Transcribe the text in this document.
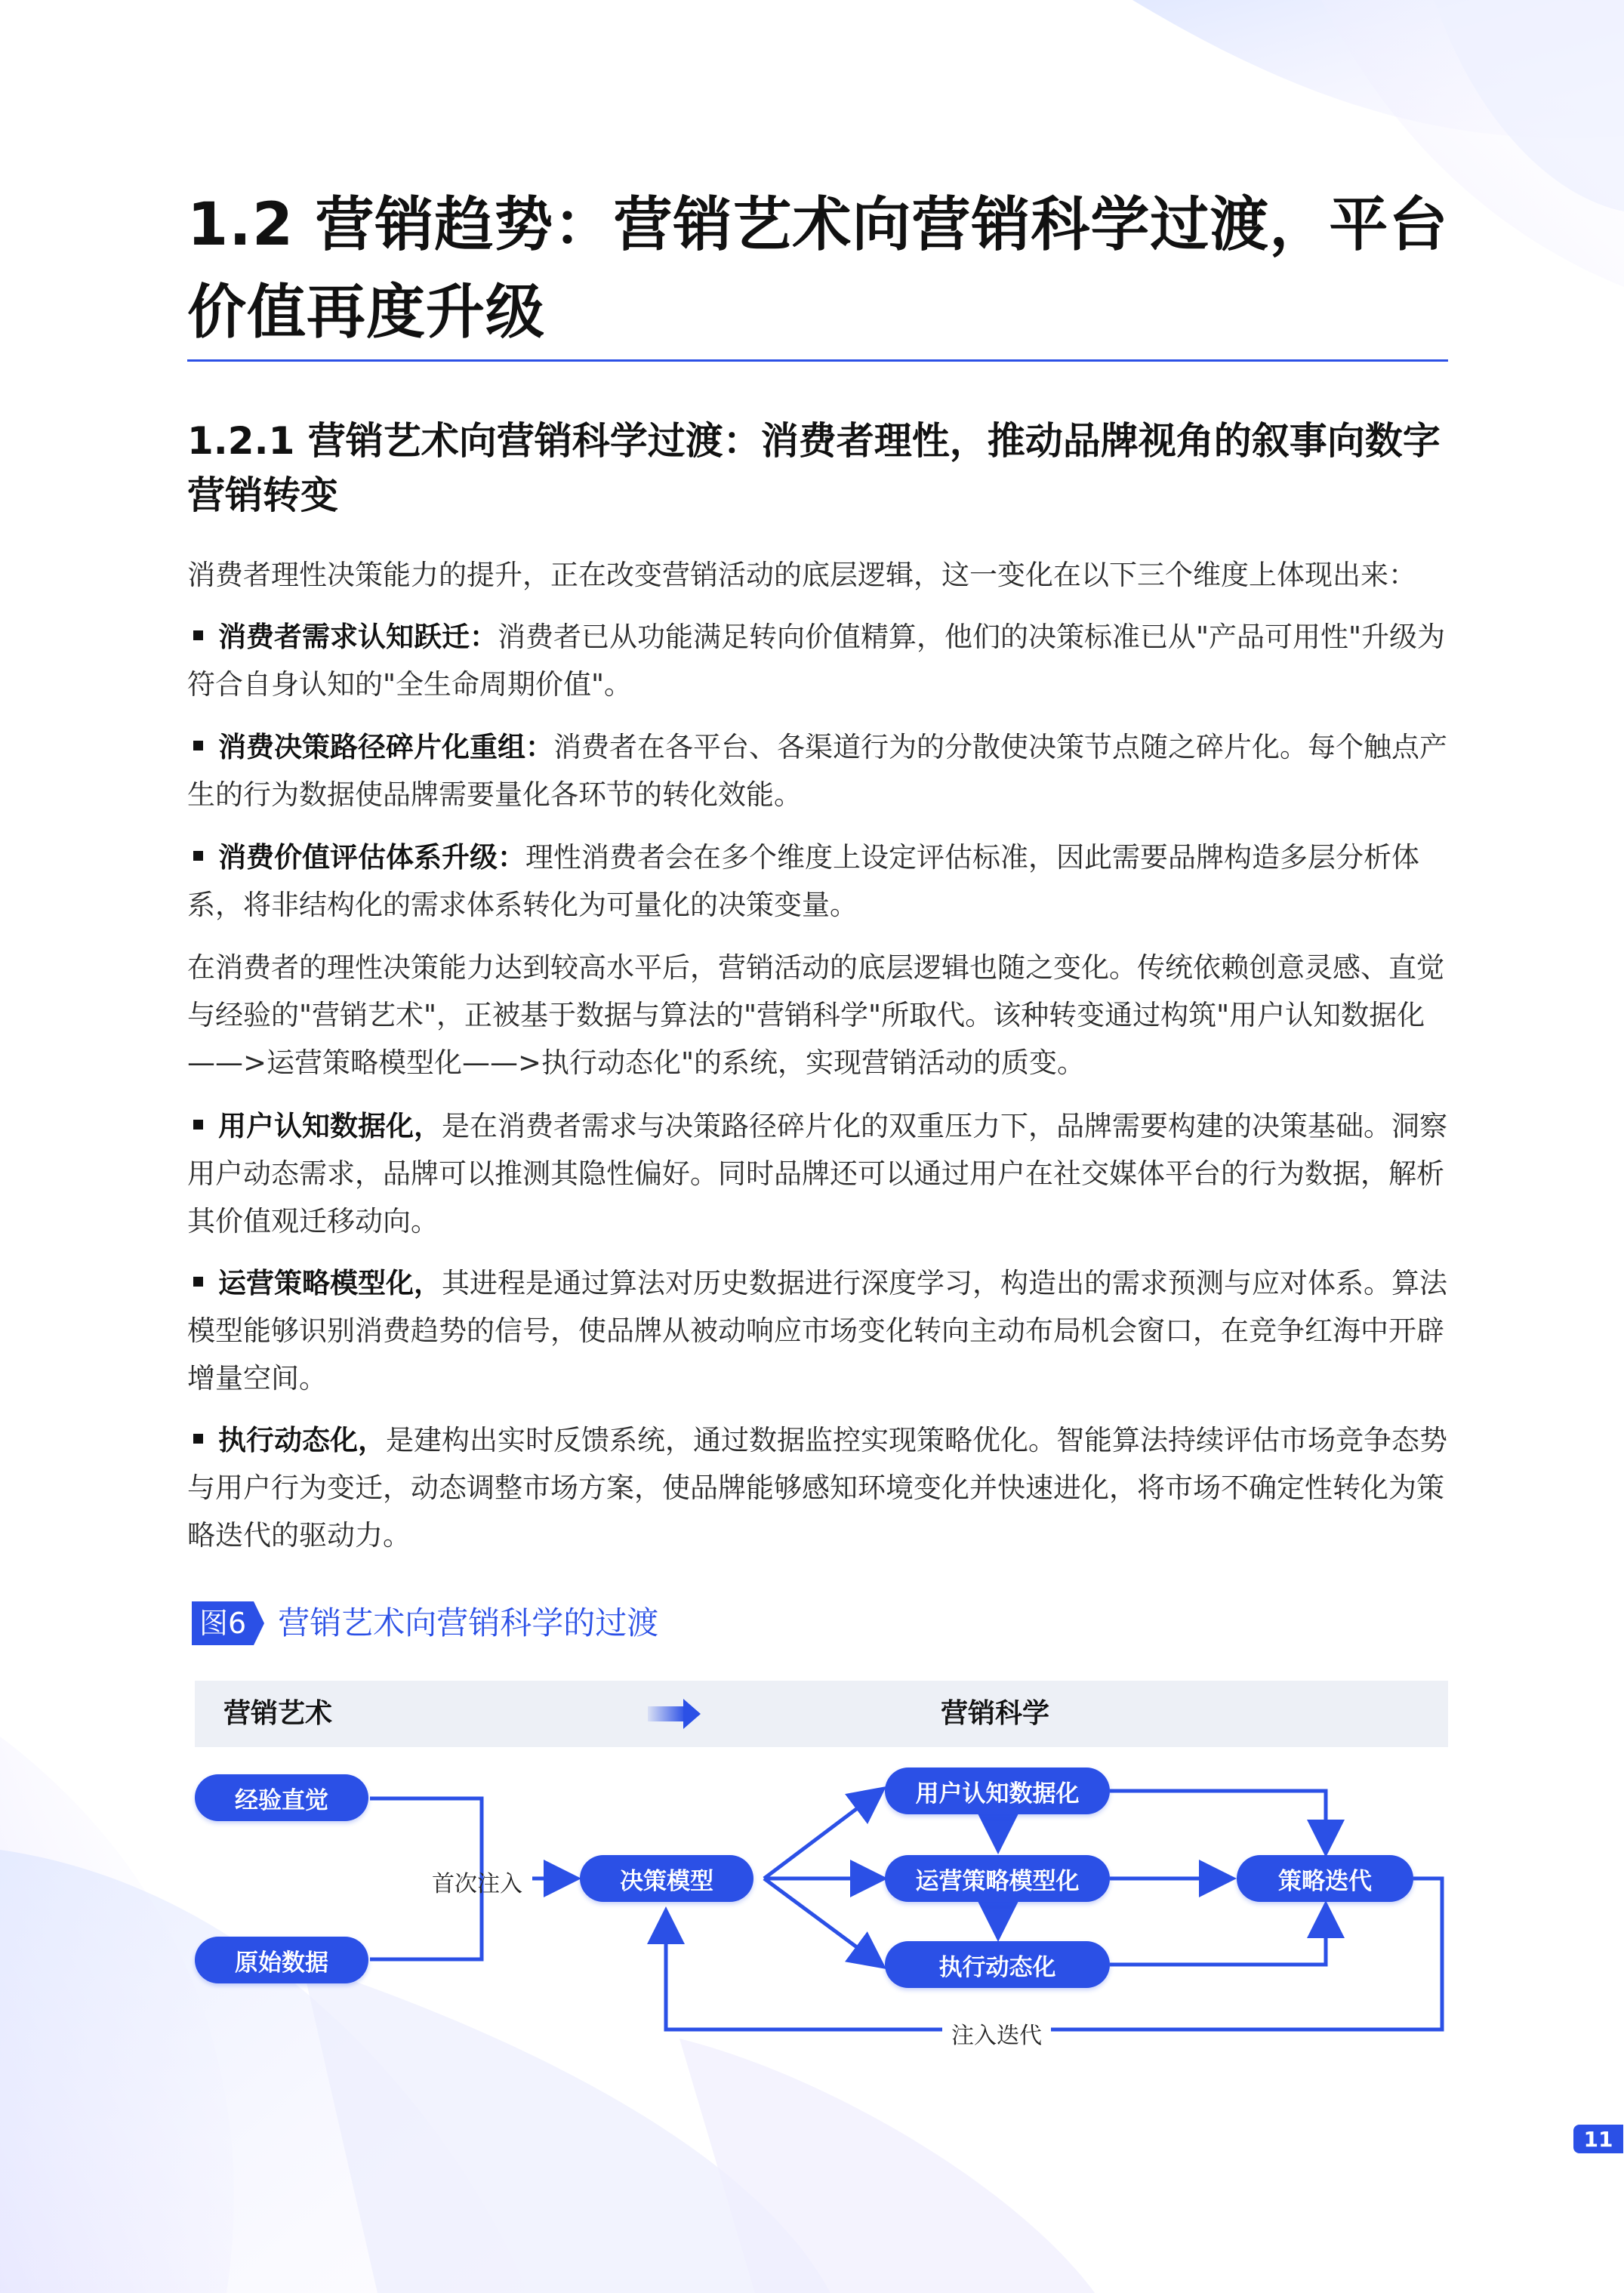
1.2 营销趋势：营销艺术向营销科学过渡，平台价值再度升级
1.2.1 营销艺术向营销科学过渡：消费者理性，推动品牌视角的叙事向数字营销转变

消费者理性决策能力的提升，正在改变营销活动的底层逻辑，这一变化在以下三个维度上体现出来：

消费者需求认知跃迁：消费者已从功能满足转向价值精算，他们的决策标准已从"产品可用性"升级为符合自身认知的"全生命周期价值"。

消费决策路径碎片化重组：消费者在各平台、各渠道行为的分散使决策节点随之碎片化。每个触点产生的行为数据使品牌需要量化各环节的转化效能。

消费价值评估体系升级：理性消费者会在多个维度上设定评估标准，因此需要品牌构造多层分析体系，将非结构化的需求体系转化为可量化的决策变量。

在消费者的理性决策能力达到较高水平后，营销活动的底层逻辑也随之变化。传统依赖创意灵感、直觉与经验的"营销艺术"，正被基于数据与算法的"营销科学"所取代。该种转变通过构筑"用户认知数据化——>运营策略模型化——>执行动态化"的系统，实现营销活动的质变。

用户认知数据化，是在消费者需求与决策路径碎片化的双重压力下，品牌需要构建的决策基础。洞察用户动态需求，品牌可以推测其隐性偏好。同时品牌还可以通过用户在社交媒体平台的行为数据，解析其价值观迁移动向。

运营策略模型化，其进程是通过算法对历史数据进行深度学习，构造出的需求预测与应对体系。算法模型能够识别消费趋势的信号，使品牌从被动响应市场变化转向主动布局机会窗口，在竞争红海中开辟增量空间。

执行动态化，是建构出实时反馈系统，通过数据监控实现策略优化。智能算法持续评估市场竞争态势与用户行为变迁，动态调整市场方案，使品牌能够感知环境变化并快速进化，将市场不确定性转化为策略迭代的驱动力。

图6 营销艺术向营销科学的过渡
营销艺术	营销科学
经验直觉
原始数据
决策模型
用户认知数据化
运营策略模型化
执行动态化
策略迭代
首次注入
注入迭代
11
